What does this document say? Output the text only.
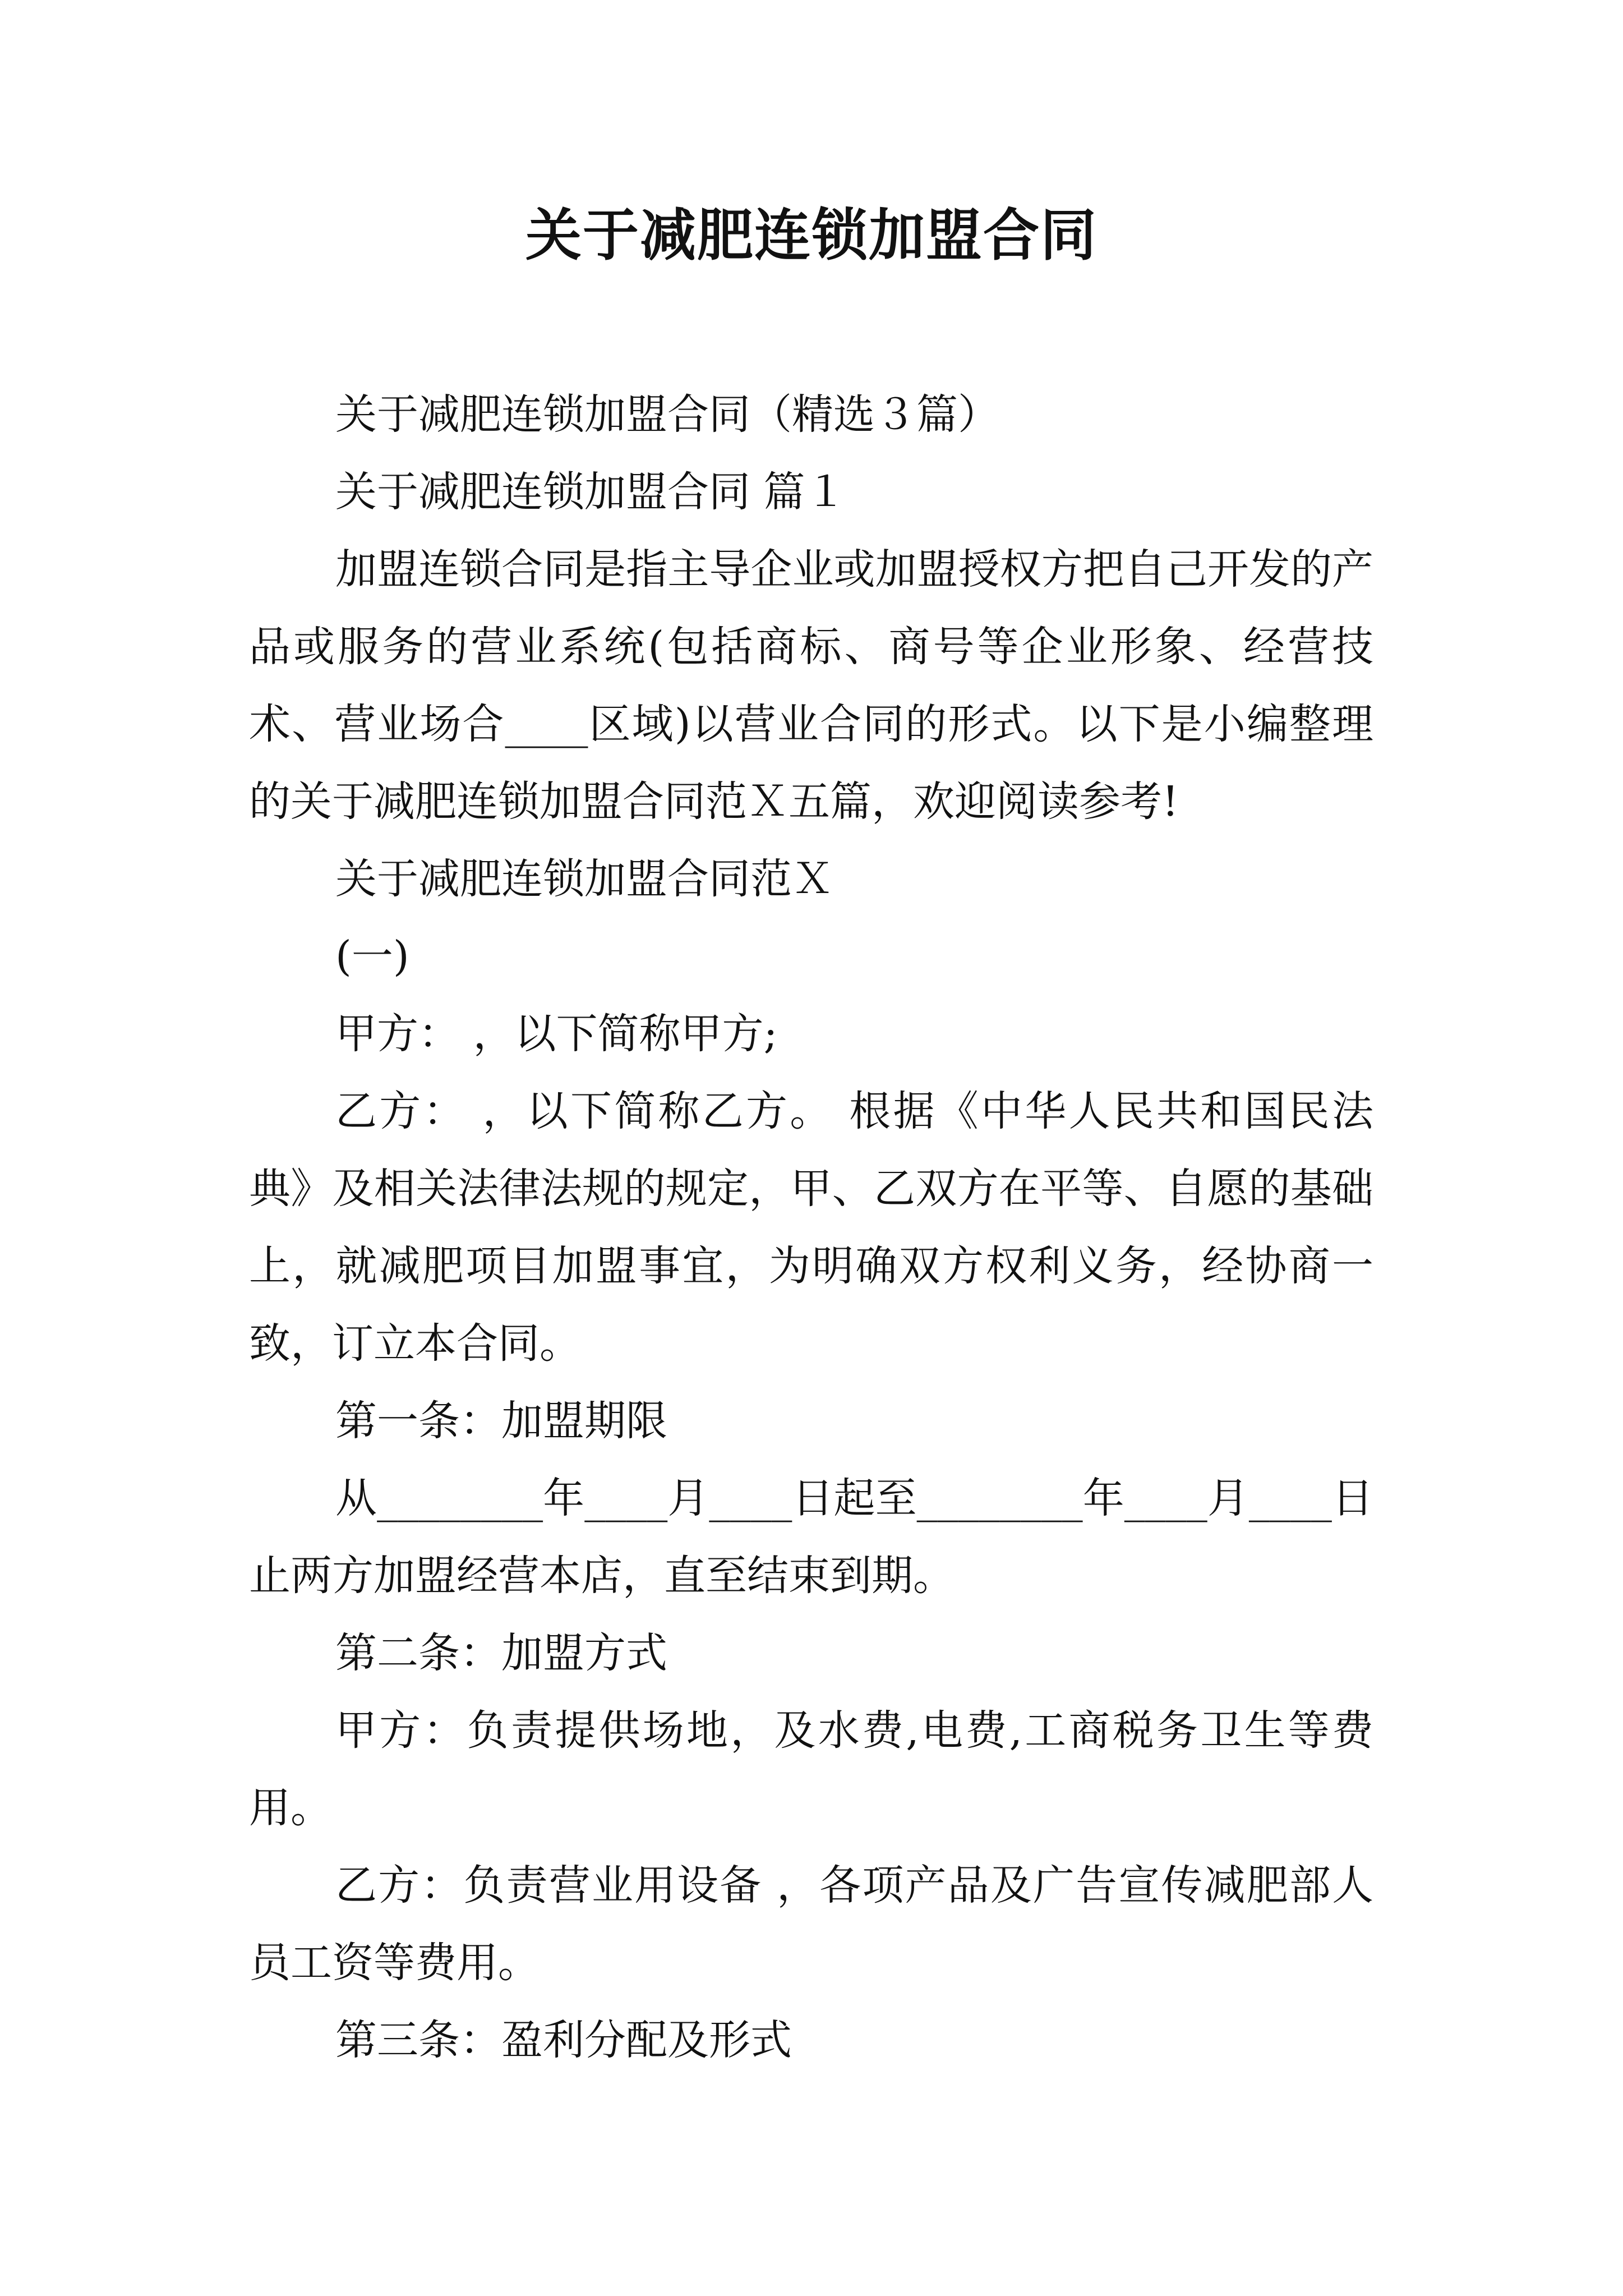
关于减肥连锁加盟合同

关于减肥连锁加盟合同（精选３篇）

关于减肥连锁加盟合同 篇１

加盟连锁合同是指主导企业或加盟授权方把自己开发的产品或服务的营业系统(包括商标、商号等企业形象、经营技术、营业场合____区域)以营业合同的形式。以下是小编整理的关于减肥连锁加盟合同范Ｘ五篇，欢迎阅读参考!

关于减肥连锁加盟合同范Ｘ

(一)

甲方： ，以下简称甲方;

乙方： ，以下简称乙方。 根据《中华人民共和国民法典》及相关法律法规的规定，甲、乙双方在平等、自愿的基础上，就减肥项目加盟事宜，为明确双方权利义务，经协商一致，订立本合同。

第一条：加盟期限

从________年____月____日起至________年____月____日止两方加盟经营本店，直至结束到期。

第二条：加盟方式

甲方：负责提供场地，及水费,电费,工商税务卫生等费用。

乙方：负责营业用设备 ，各项产品及广告宣传减肥部人员工资等费用。

第三条：盈利分配及形式
